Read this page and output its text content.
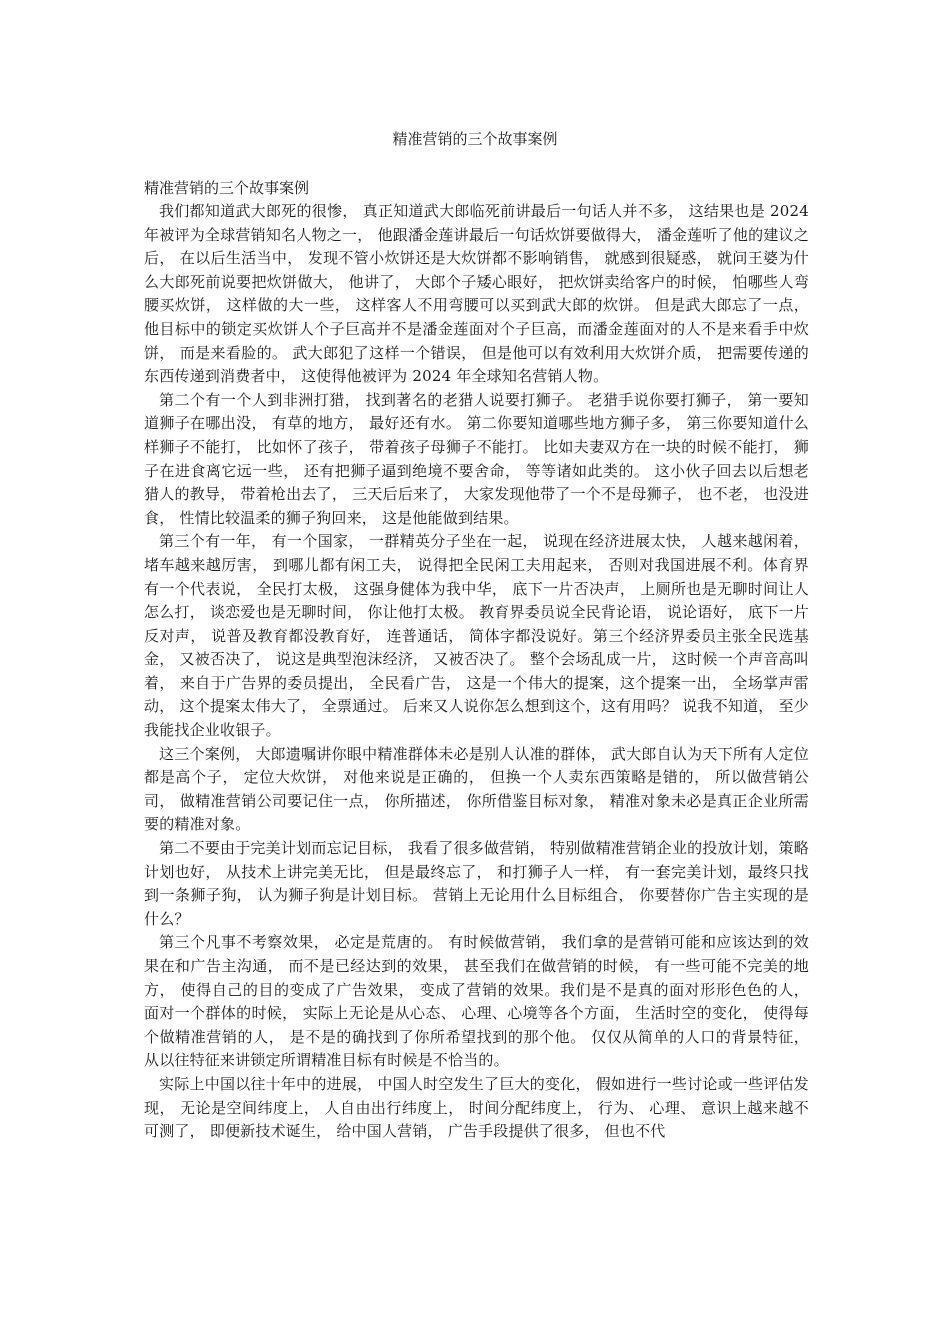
精准营销的三个故事案例

精准营销的三个故事案例

我们都知道武大郎死的很惨， 真正知道武大郎临死前讲最后一句话人并不多， 这结果也是 2024 年被评为全球营销知名人物之一， 他跟潘金莲讲最后一句话炊饼要做得大， 潘金莲听了他的建议之后， 在以后生活当中， 发现不管小炊饼还是大炊饼都不影响销售， 就感到很疑惑， 就问王婆为什么大郎死前说要把炊饼做大， 他讲了， 大郎个子矮心眼好， 把炊饼卖给客户的时候， 怕哪些人弯腰买炊饼， 这样做的大一些， 这样客人不用弯腰可以买到武大郎的炊饼。 但是武大郎忘了一点， 他目标中的锁定买炊饼人个子巨高并不是潘金莲面对个子巨高，而潘金莲面对的人不是来看手中炊饼， 而是来看脸的。 武大郎犯了这样一个错误， 但是他可以有效利用大炊饼介质， 把需要传递的东西传递到消费者中， 这使得他被评为 2024 年全球知名营销人物。

第二个有一个人到非洲打猎， 找到著名的老猎人说要打狮子。 老猎手说你要打狮子， 第一要知道狮子在哪出没， 有草的地方， 最好还有水。 第二你要知道哪些地方狮子多， 第三你要知道什么样狮子不能打， 比如怀了孩子， 带着孩子母狮子不能打。 比如夫妻双方在一块的时候不能打， 狮子在进食离它远一些， 还有把狮子逼到绝境不要舍命， 等等诸如此类的。 这小伙子回去以后想老猎人的教导， 带着枪出去了， 三天后后来了， 大家发现他带了一个不是母狮子， 也不老， 也没进食， 性情比较温柔的狮子狗回来， 这是他能做到结果。

第三个有一年， 有一个国家， 一群精英分子坐在一起， 说现在经济进展太快， 人越来越闲着， 堵车越来越厉害， 到哪儿都有闲工夫， 说得把全民闲工夫用起来， 否则对我国进展不利。体育界有一个代表说， 全民打太极， 这强身健体为我中华， 底下一片否决声， 上厕所也是无聊时间让人怎么打， 谈恋爱也是无聊时间， 你让他打太极。 教育界委员说全民背论语， 说论语好， 底下一片反对声， 说普及教育都没教育好， 连普通话， 简体字都没说好。第三个经济界委员主张全民选基金， 又被否决了， 说这是典型泡沫经济， 又被否决了。 整个会场乱成一片， 这时候一个声音高叫着， 来自于广告界的委员提出， 全民看广告， 这是一个伟大的提案，这个提案一出， 全场掌声雷动， 这个提案太伟大了， 全票通过。 后来又人说你怎么想到这个，这有用吗？ 说我不知道， 至少我能找企业收银子。

这三个案例， 大郎遗嘱讲你眼中精准群体未必是别人认准的群体， 武大郎自认为天下所有人定位都是高个子， 定位大炊饼， 对他来说是正确的， 但换一个人卖东西策略是错的， 所以做营销公司， 做精准营销公司要记住一点， 你所描述， 你所借鉴目标对象， 精准对象未必是真正企业所需要的精准对象。

第二不要由于完美计划而忘记目标， 我看了很多做营销， 特别做精准营销企业的投放计划，策略计划也好， 从技术上讲完美无比， 但是最终忘了， 和打狮子人一样， 有一套完美计划，最终只找到一条狮子狗， 认为狮子狗是计划目标。 营销上无论用什么目标组合， 你要替你广告主实现的是什么？

第三个凡事不考察效果， 必定是荒唐的。 有时候做营销， 我们拿的是营销可能和应该达到的效果在和广告主沟通， 而不是已经达到的效果， 甚至我们在做营销的时候， 有一些可能不完美的地方， 使得自己的目的变成了广告效果， 变成了营销的效果。我们是不是真的面对形形色色的人， 面对一个群体的时候， 实际上无论是从心态、 心理、心境等各个方面， 生活时空的变化， 使得每个做精准营销的人， 是不是的确找到了你所希望找到的那个他。 仅仅从简单的人口的背景特征， 从以往特征来讲锁定所谓精准目标有时候是不恰当的。

实际上中国以往十年中的进展， 中国人时空发生了巨大的变化， 假如进行一些讨论或一些评估发现， 无论是空间纬度上， 人自由出行纬度上， 时间分配纬度上， 行为、 心理、 意识上越来越不可测了， 即便新技术诞生， 给中国人营销， 广告手段提供了很多， 但也不代
